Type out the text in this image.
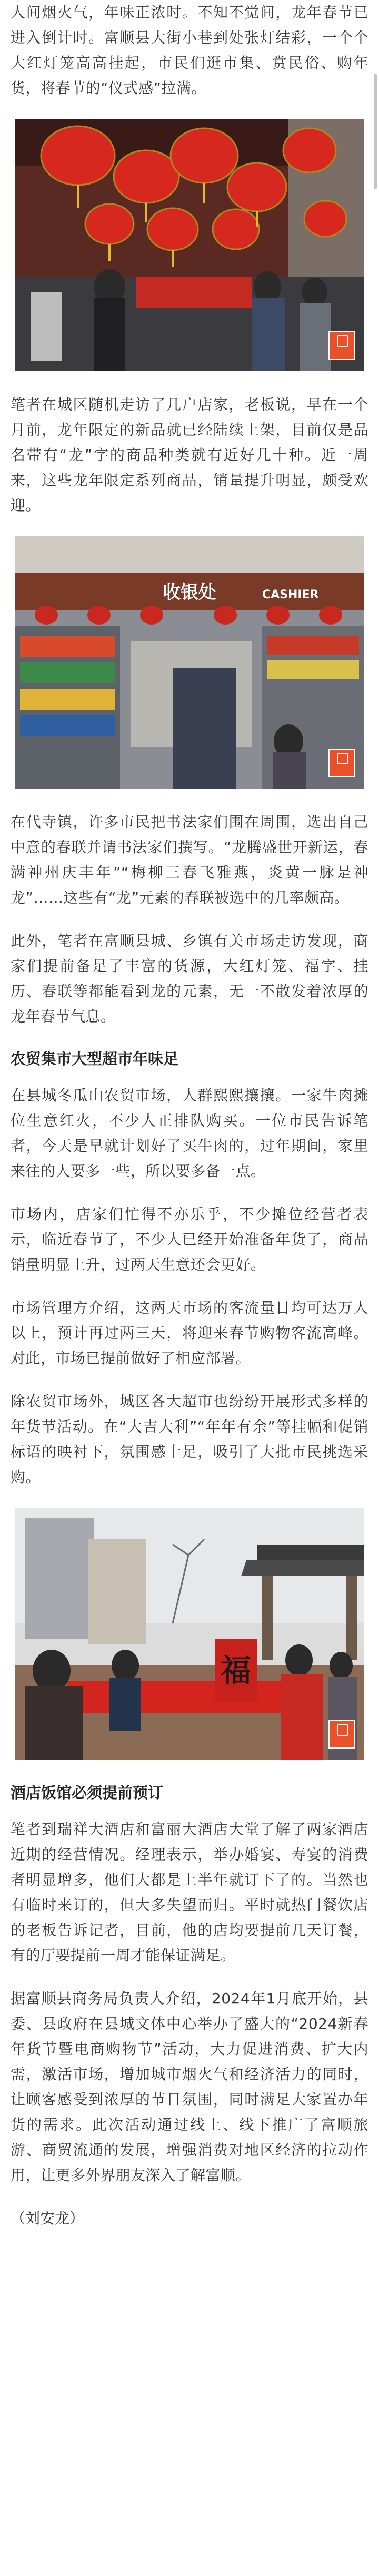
人间烟火气，年味正浓时。不知不觉间，龙年春节已进入倒计时。富顺县大街小巷到处张灯结彩，一个个大红灯笼高高挂起，市民们逛市集、赏民俗、购年货，将春节的“仪式感”拉满。

笔者在城区随机走访了几户店家，老板说，早在一个月前，龙年限定的新品就已经陆续上架，目前仅是品名带有“龙”字的商品种类就有近好几十种。近一周来，这些龙年限定系列商品，销量提升明显，颇受欢迎。

收银处	CASHIER

在代寺镇，许多市民把书法家们围在周围，选出自己中意的春联并请书法家们撰写。“龙腾盛世开新运，春满神州庆丰年”“梅柳三春飞雅燕，炎黄一脉是神龙”……这些有“龙”元素的春联被选中的几率颇高。

此外，笔者在富顺县城、乡镇有关市场走访发现，商家们提前备足了丰富的货源，大红灯笼、福字、挂历、春联等都能看到龙的元素，无一不散发着浓厚的龙年春节气息。

农贸集市大型超市年味足

在县城冬瓜山农贸市场，人群熙熙攘攘。一家牛肉摊位生意红火，不少人正排队购买。一位市民告诉笔者，今天是早就计划好了买牛肉的，过年期间，家里来往的人要多一些，所以要多备一点。

市场内，店家们忙得不亦乐乎，不少摊位经营者表示，临近春节了，不少人已经开始准备年货了，商品销量明显上升，过两天生意还会更好。

市场管理方介绍，这两天市场的客流量日均可达万人以上，预计再过两三天，将迎来春节购物客流高峰。对此，市场已提前做好了相应部署。

除农贸市场外，城区各大超市也纷纷开展形式多样的年货节活动。在“大吉大利”“年年有余”等挂幅和促销标语的映衬下，氛围感十足，吸引了大批市民挑选采购。

福
酒店饭馆必须提前预订

笔者到瑞祥大酒店和富丽大酒店大堂了解了两家酒店近期的经营情况。经理表示，举办婚宴、寿宴的消费者明显增多，他们大都是上半年就订下了的。当然也有临时来订的，但大多失望而归。平时就热门餐饮店的老板告诉记者，目前，他的店均要提前几天订餐，有的厅要提前一周才能保证满足。

据富顺县商务局负责人介绍，2024年1月底开始，县委、县政府在县城文体中心举办了盛大的“2024新春年货节暨电商购物节”活动，大力促进消费、扩大内需，激活市场，增加城市烟火气和经济活力的同时，让顾客感受到浓厚的节日氛围，同时满足大家置办年货的需求。此次活动通过线上、线下推广了富顺旅游、商贸流通的发展，增强消费对地区经济的拉动作用，让更多外界朋友深入了解富顺。

（刘安龙）
